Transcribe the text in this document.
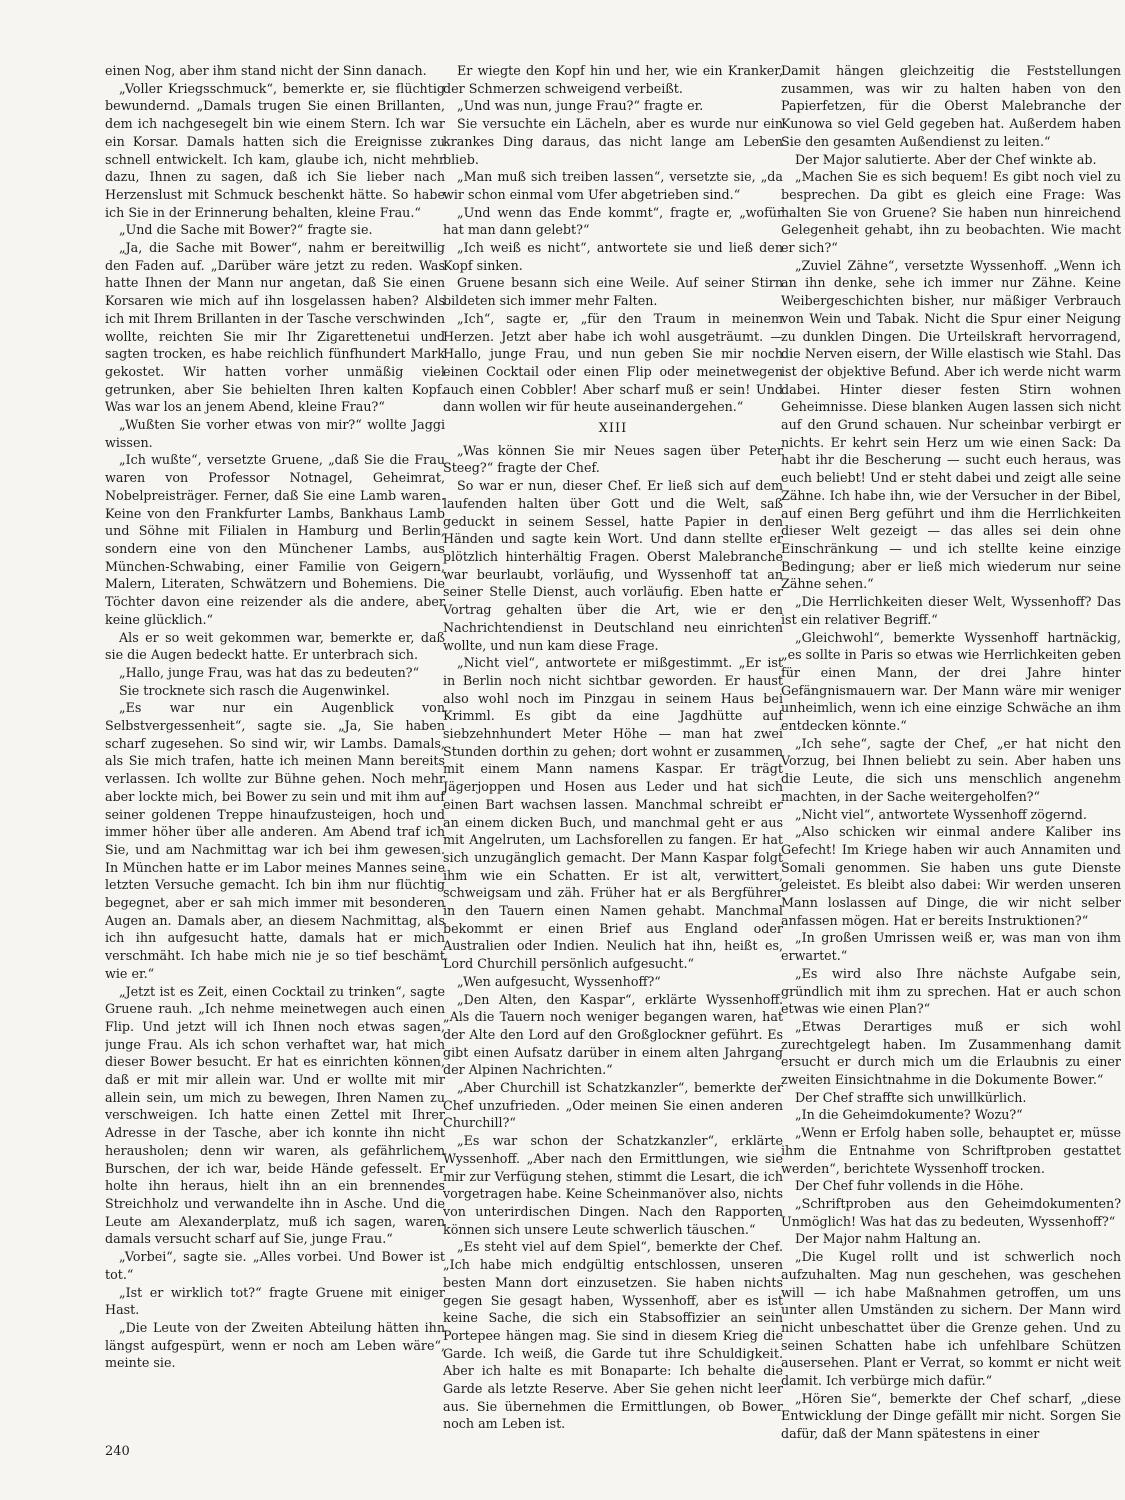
einen Nog, aber ihm stand nicht der Sinn danach.

„Voller Kriegsschmuck“, bemerkte er, sie flüchtig bewundernd. „Damals trugen Sie einen Brillanten, dem ich nachgesegelt bin wie einem Stern. Ich war ein Korsar. Damals hatten sich die Ereignisse zu schnell entwickelt. Ich kam, glaube ich, nicht mehr dazu, Ihnen zu sagen, daß ich Sie lieber nach Herzenslust mit Schmuck beschenkt hätte. So habe ich Sie in der Erinnerung behalten, kleine Frau.“

„Und die Sache mit Bower?“ fragte sie.

„Ja, die Sache mit Bower“, nahm er bereitwillig den Faden auf. „Darüber wäre jetzt zu reden. Was hatte Ihnen der Mann nur angetan, daß Sie einen Korsaren wie mich auf ihn losgelassen haben? Als ich mit Ihrem Brillanten in der Tasche verschwinden wollte, reichten Sie mir Ihr Zigarettenetui und sagten trocken, es habe reichlich fünfhundert Mark gekostet. Wir hatten vorher unmäßig viel getrunken, aber Sie behielten Ihren kalten Kopf. Was war los an jenem Abend, kleine Frau?“

„Wußten Sie vorher etwas von mir?“ wollte Jaggi wissen.

„Ich wußte“, versetzte Gruene, „daß Sie die Frau waren von Professor Notnagel, Geheimrat, Nobelpreisträger. Ferner, daß Sie eine Lamb waren. Keine von den Frankfurter Lambs, Bankhaus Lamb und Söhne mit Filialen in Hamburg und Berlin, sondern eine von den Münchener Lambs, aus München-Schwabing, einer Familie von Geigern, Malern, Literaten, Schwätzern und Bohemiens. Die Töchter davon eine reizender als die andere, aber keine glücklich.“

Als er so weit gekommen war, bemerkte er, daß sie die Augen bedeckt hatte. Er unterbrach sich.

„Hallo, junge Frau, was hat das zu bedeuten?“

Sie trocknete sich rasch die Augenwinkel.

„Es war nur ein Augenblick von Selbstvergessenheit“, sagte sie. „Ja, Sie haben scharf zugesehen. So sind wir, wir Lambs. Damals, als Sie mich trafen, hatte ich meinen Mann bereits verlassen. Ich wollte zur Bühne gehen. Noch mehr aber lockte mich, bei Bower zu sein und mit ihm auf seiner goldenen Treppe hinaufzusteigen, hoch und immer höher über alle anderen. Am Abend traf ich Sie, und am Nachmittag war ich bei ihm gewesen. In München hatte er im Labor meines Mannes seine letzten Versuche gemacht. Ich bin ihm nur flüchtig begegnet, aber er sah mich immer mit besonderen Augen an. Damals aber, an diesem Nachmittag, als ich ihn aufgesucht hatte, damals hat er mich verschmäht. Ich habe mich nie je so tief beschämt wie er.“

„Jetzt ist es Zeit, einen Cocktail zu trinken“, sagte Gruene rauh. „Ich nehme meinetwegen auch einen Flip. Und jetzt will ich Ihnen noch etwas sagen, junge Frau. Als ich schon verhaftet war, hat mich dieser Bower besucht. Er hat es einrichten können, daß er mit mir allein war. Und er wollte mit mir allein sein, um mich zu bewegen, Ihren Namen zu verschweigen. Ich hatte einen Zettel mit Ihrer Adresse in der Tasche, aber ich konnte ihn nicht herausholen; denn wir waren, als gefährlichem Burschen, der ich war, beide Hände gefesselt. Er holte ihn heraus, hielt ihn an ein brennendes Streichholz und verwandelte ihn in Asche. Und die Leute am Alexanderplatz, muß ich sagen, waren damals versucht scharf auf Sie, junge Frau.“

„Vorbei“, sagte sie. „Alles vorbei. Und Bower ist tot.“

„Ist er wirklich tot?“ fragte Gruene mit einiger Hast.

„Die Leute von der Zweiten Abteilung hätten ihn längst aufgespürt, wenn er noch am Leben wäre“, meinte sie.

Er wiegte den Kopf hin und her, wie ein Kranker, der Schmerzen schweigend verbeißt.

„Und was nun, junge Frau?“ fragte er.

Sie versuchte ein Lächeln, aber es wurde nur ein krankes Ding daraus, das nicht lange am Leben blieb.

„Man muß sich treiben lassen“, versetzte sie, „da wir schon einmal vom Ufer abgetrieben sind.“

„Und wenn das Ende kommt“, fragte er, „wofür hat man dann gelebt?“

„Ich weiß es nicht“, antwortete sie und ließ den Kopf sinken.

Gruene besann sich eine Weile. Auf seiner Stirn bildeten sich immer mehr Falten.

„Ich“, sagte er, „für den Traum in meinem Herzen. Jetzt aber habe ich wohl ausgeträumt. — Hallo, junge Frau, und nun geben Sie mir noch einen Cocktail oder einen Flip oder meinetwegen auch einen Cobbler! Aber scharf muß er sein! Und dann wollen wir für heute auseinandergehen.“

XIII

„Was können Sie mir Neues sagen über Peter Steeg?“ fragte der Chef.

So war er nun, dieser Chef. Er ließ sich auf dem laufenden halten über Gott und die Welt, saß geduckt in seinem Sessel, hatte Papier in den Händen und sagte kein Wort. Und dann stellte er plötzlich hinterhältig Fragen. Oberst Malebranche war beurlaubt, vorläufig, und Wyssenhoff tat an seiner Stelle Dienst, auch vorläufig. Eben hatte er Vortrag gehalten über die Art, wie er den Nachrichtendienst in Deutschland neu einrichten wollte, und nun kam diese Frage.

„Nicht viel“, antwortete er mißgestimmt. „Er ist in Berlin noch nicht sichtbar geworden. Er haust also wohl noch im Pinzgau in seinem Haus bei Krimml. Es gibt da eine Jagdhütte auf siebzehnhundert Meter Höhe — man hat zwei Stunden dorthin zu gehen; dort wohnt er zusammen mit einem Mann namens Kaspar. Er trägt Jägerjoppen und Hosen aus Leder und hat sich einen Bart wachsen lassen. Manchmal schreibt er an einem dicken Buch, und manchmal geht er aus mit Angelruten, um Lachsforellen zu fangen. Er hat sich unzugänglich gemacht. Der Mann Kaspar folgt ihm wie ein Schatten. Er ist alt, verwittert, schweigsam und zäh. Früher hat er als Bergführer in den Tauern einen Namen gehabt. Manchmal bekommt er einen Brief aus England oder Australien oder Indien. Neulich hat ihn, heißt es, Lord Churchill persönlich aufgesucht.“

„Wen aufgesucht, Wyssenhoff?“

„Den Alten, den Kaspar“, erklärte Wyssenhoff. „Als die Tauern noch weniger begangen waren, hat der Alte den Lord auf den Großglockner geführt. Es gibt einen Aufsatz darüber in einem alten Jahrgang der Alpinen Nachrichten.“

„Aber Churchill ist Schatzkanzler“, bemerkte der Chef unzufrieden. „Oder meinen Sie einen anderen Churchill?“

„Es war schon der Schatzkanzler“, erklärte Wyssenhoff. „Aber nach den Ermittlungen, wie sie mir zur Verfügung stehen, stimmt die Lesart, die ich vorgetragen habe. Keine Scheinmanöver also, nichts von unterirdischen Dingen. Nach den Rapporten können sich unsere Leute schwerlich täuschen.“

„Es steht viel auf dem Spiel“, bemerkte der Chef. „Ich habe mich endgültig entschlossen, unseren besten Mann dort einzusetzen. Sie haben nichts gegen Sie gesagt haben, Wyssenhoff, aber es ist keine Sache, die sich ein Stabsoffizier an sein Portepee hängen mag. Sie sind in diesem Krieg die Garde. Ich weiß, die Garde tut ihre Schuldigkeit. Aber ich halte es mit Bonaparte: Ich behalte die Garde als letzte Reserve. Aber Sie gehen nicht leer aus. Sie übernehmen die Ermittlungen, ob Bower noch am Leben ist.

Damit hängen gleichzeitig die Feststellungen zusammen, was wir zu halten haben von den Papierfetzen, für die Oberst Malebranche der Kunowa so viel Geld gegeben hat. Außerdem haben Sie den gesamten Außendienst zu leiten.“

Der Major salutierte. Aber der Chef winkte ab.

„Machen Sie es sich bequem! Es gibt noch viel zu besprechen. Da gibt es gleich eine Frage: Was halten Sie von Gruene? Sie haben nun hinreichend Gelegenheit gehabt, ihn zu beobachten. Wie macht er sich?“

„Zuviel Zähne“, versetzte Wyssenhoff. „Wenn ich an ihn denke, sehe ich immer nur Zähne. Keine Weibergeschichten bisher, nur mäßiger Verbrauch von Wein und Tabak. Nicht die Spur einer Neigung zu dunklen Dingen. Die Urteilskraft hervorragend, die Nerven eisern, der Wille elastisch wie Stahl. Das ist der objektive Befund. Aber ich werde nicht warm dabei. Hinter dieser festen Stirn wohnen Geheimnisse. Diese blanken Augen lassen sich nicht auf den Grund schauen. Nur scheinbar verbirgt er nichts. Er kehrt sein Herz um wie einen Sack: Da habt ihr die Bescherung — sucht euch heraus, was euch beliebt! Und er steht dabei und zeigt alle seine Zähne. Ich habe ihn, wie der Versucher in der Bibel, auf einen Berg geführt und ihm die Herrlichkeiten dieser Welt gezeigt — das alles sei dein ohne Einschränkung — und ich stellte keine einzige Bedingung; aber er ließ mich wiederum nur seine Zähne sehen.“

„Die Herrlichkeiten dieser Welt, Wyssenhoff? Das ist ein relativer Begriff.“

„Gleichwohl“, bemerkte Wyssenhoff hartnäckig, „es sollte in Paris so etwas wie Herrlichkeiten geben für einen Mann, der drei Jahre hinter Gefängnismauern war. Der Mann wäre mir weniger unheimlich, wenn ich eine einzige Schwäche an ihm entdecken könnte.“

„Ich sehe“, sagte der Chef, „er hat nicht den Vorzug, bei Ihnen beliebt zu sein. Aber haben uns die Leute, die sich uns menschlich angenehm machten, in der Sache weitergeholfen?“

„Nicht viel“, antwortete Wyssenhoff zögernd.

„Also schicken wir einmal andere Kaliber ins Gefecht! Im Kriege haben wir auch Annamiten und Somali genommen. Sie haben uns gute Dienste geleistet. Es bleibt also dabei: Wir werden unseren Mann loslassen auf Dinge, die wir nicht selber anfassen mögen. Hat er bereits Instruktionen?“

„In großen Umrissen weiß er, was man von ihm erwartet.“

„Es wird also Ihre nächste Aufgabe sein, gründlich mit ihm zu sprechen. Hat er auch schon etwas wie einen Plan?“

„Etwas Derartiges muß er sich wohl zurechtgelegt haben. Im Zusammenhang damit ersucht er durch mich um die Erlaubnis zu einer zweiten Einsichtnahme in die Dokumente Bower.“

Der Chef straffte sich unwillkürlich.

„In die Geheimdokumente? Wozu?“

„Wenn er Erfolg haben solle, behauptet er, müsse ihm die Entnahme von Schriftproben gestattet werden“, berichtete Wyssenhoff trocken.

Der Chef fuhr vollends in die Höhe.

„Schriftproben aus den Geheimdokumenten? Unmöglich! Was hat das zu bedeuten, Wyssenhoff?“

Der Major nahm Haltung an.

„Die Kugel rollt und ist schwerlich noch aufzuhalten. Mag nun geschehen, was geschehen will — ich habe Maßnahmen getroffen, um uns unter allen Umständen zu sichern. Der Mann wird nicht unbeschattet über die Grenze gehen. Und zu seinen Schatten habe ich unfehlbare Schützen ausersehen. Plant er Verrat, so kommt er nicht weit damit. Ich verbürge mich dafür.“

„Hören Sie“, bemerkte der Chef scharf, „diese Entwicklung der Dinge gefällt mir nicht. Sorgen Sie dafür, daß der Mann spätestens in einer

240
